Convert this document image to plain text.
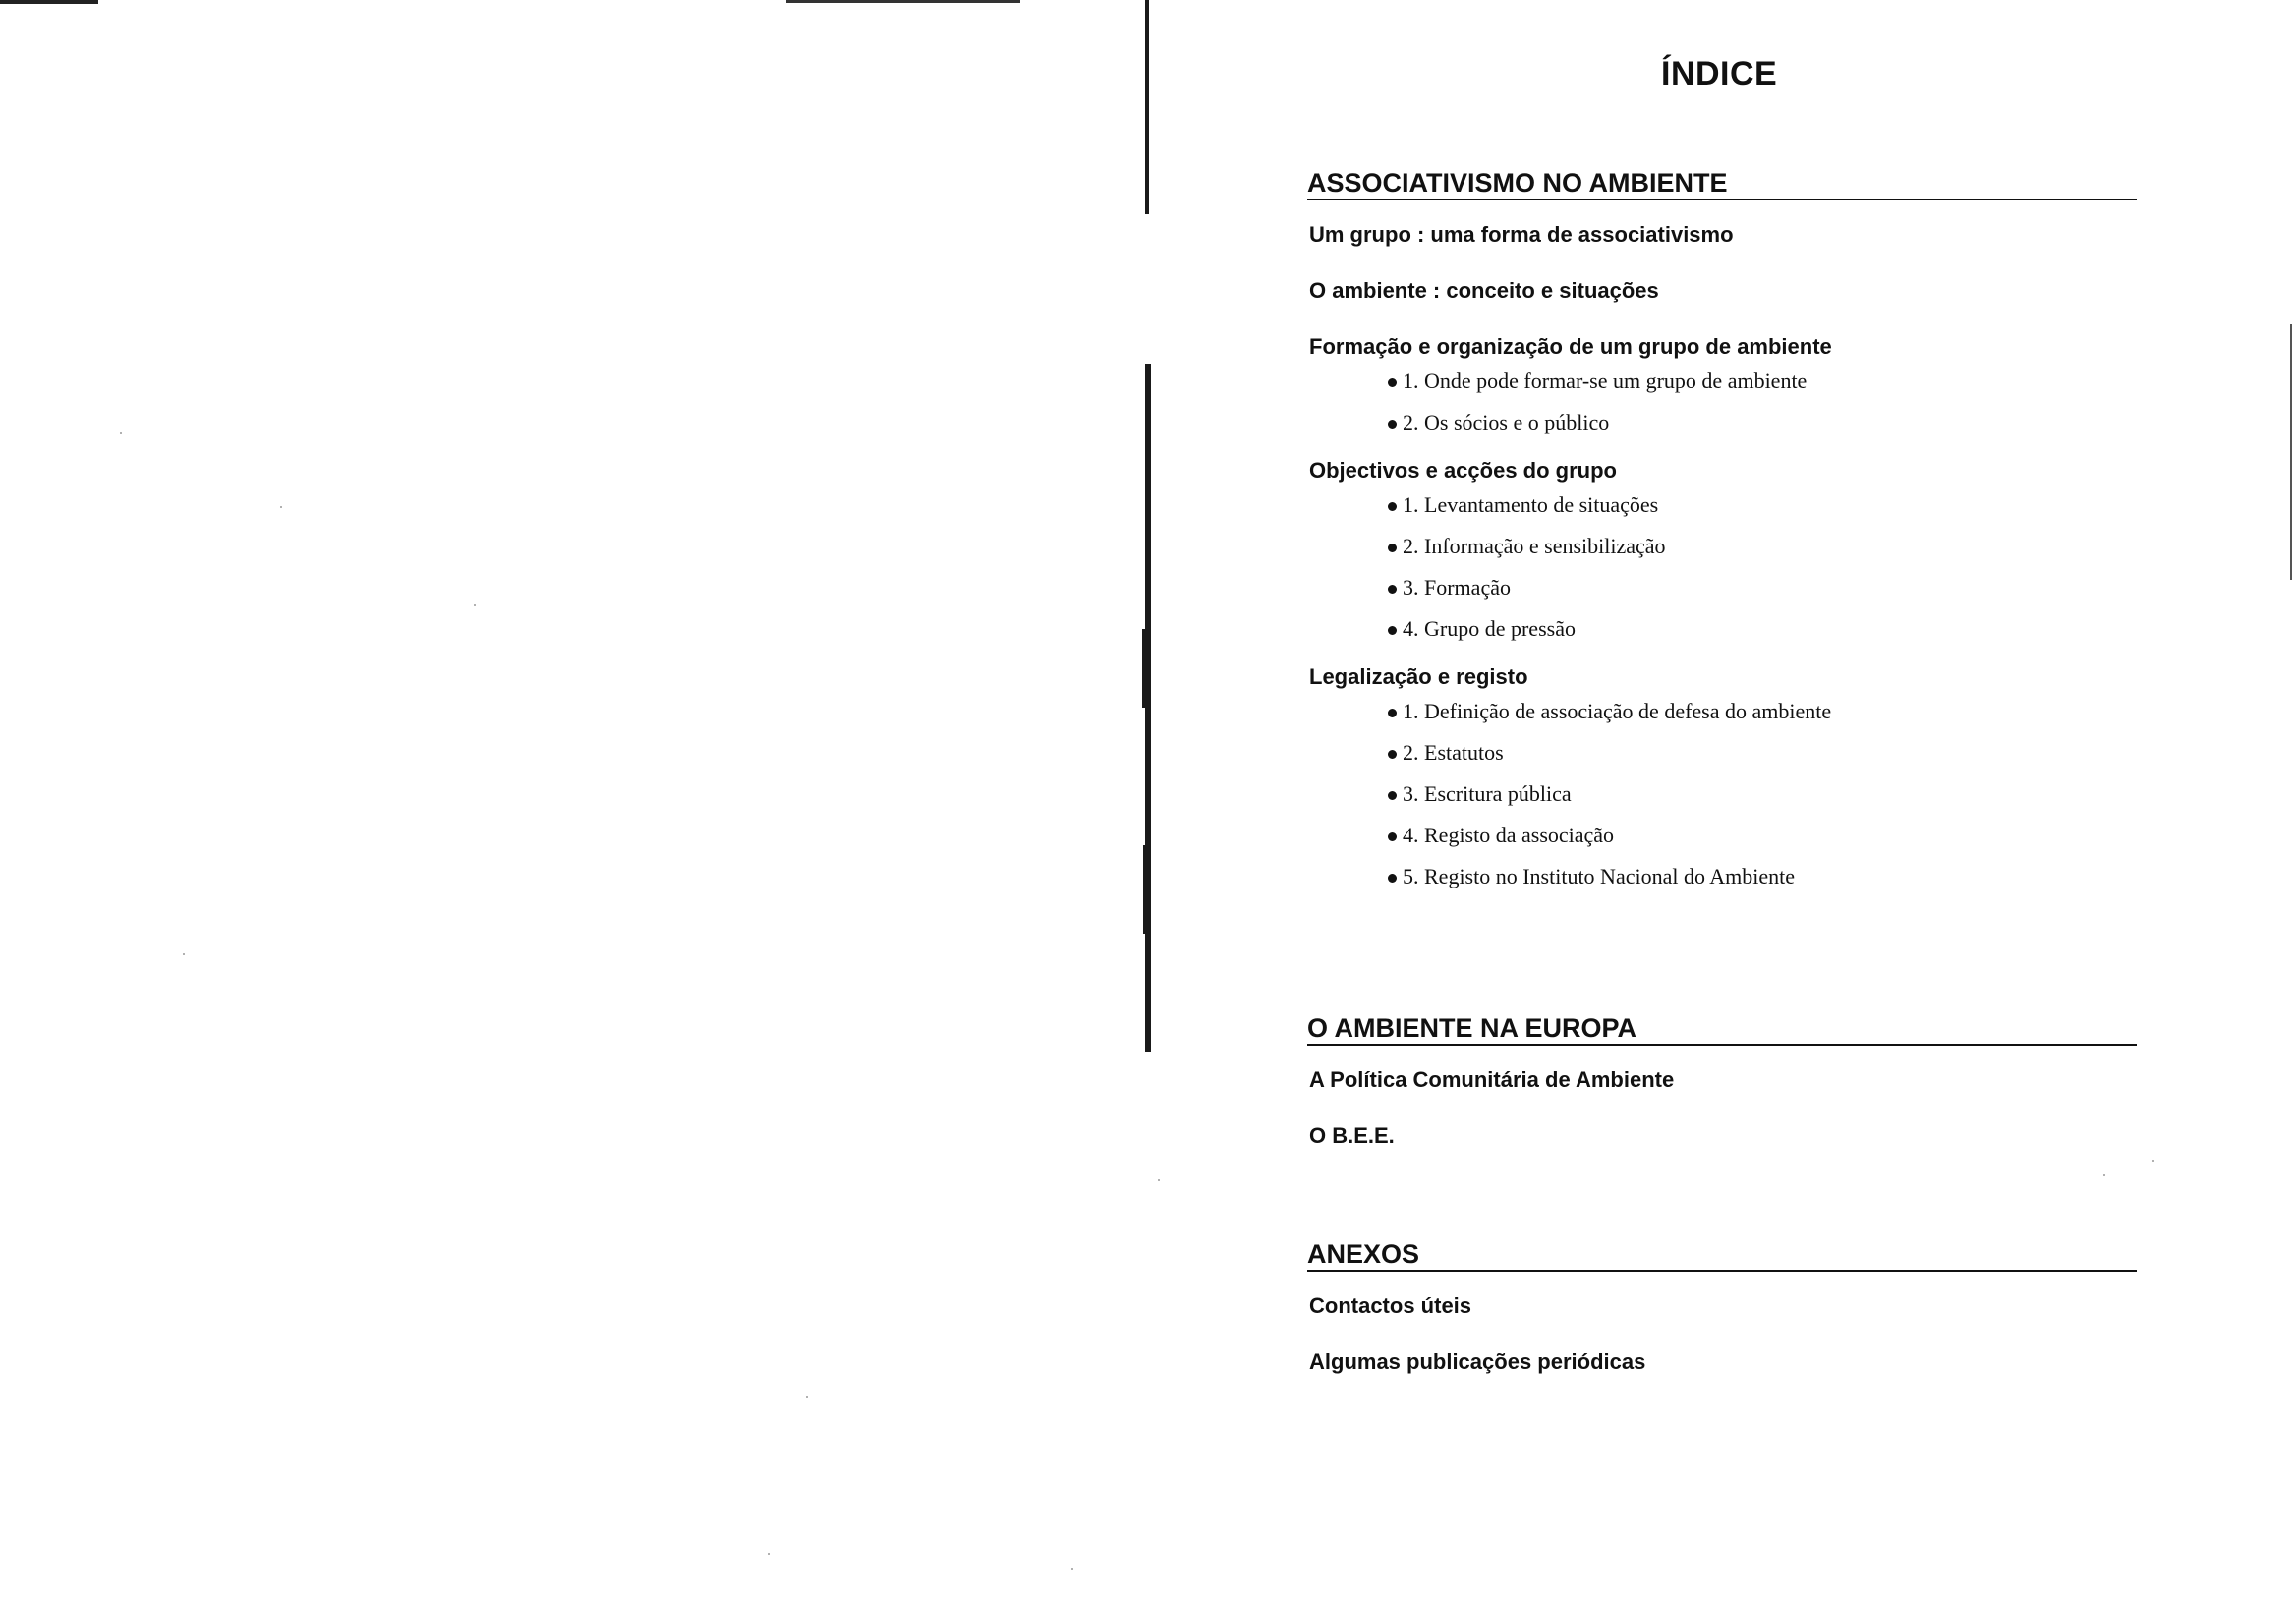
ÍNDICE
ASSOCIATIVISMO NO AMBIENTE
Um grupo : uma forma de associativismo
O ambiente : conceito e situações
Formação e organização de um grupo de ambiente
1. Onde pode formar-se um grupo de ambiente
2. Os sócios e o público
Objectivos e acções do grupo
1. Levantamento de situações
2. Informação e sensibilização
3. Formação
4. Grupo de pressão
Legalização e registo
1. Definição de associação de defesa do ambiente
2. Estatutos
3. Escritura pública
4. Registo da associação
5. Registo no Instituto Nacional do Ambiente
O AMBIENTE NA EUROPA
A Política Comunitária de Ambiente
O B.E.E.
ANEXOS
Contactos úteis
Algumas publicações periódicas
